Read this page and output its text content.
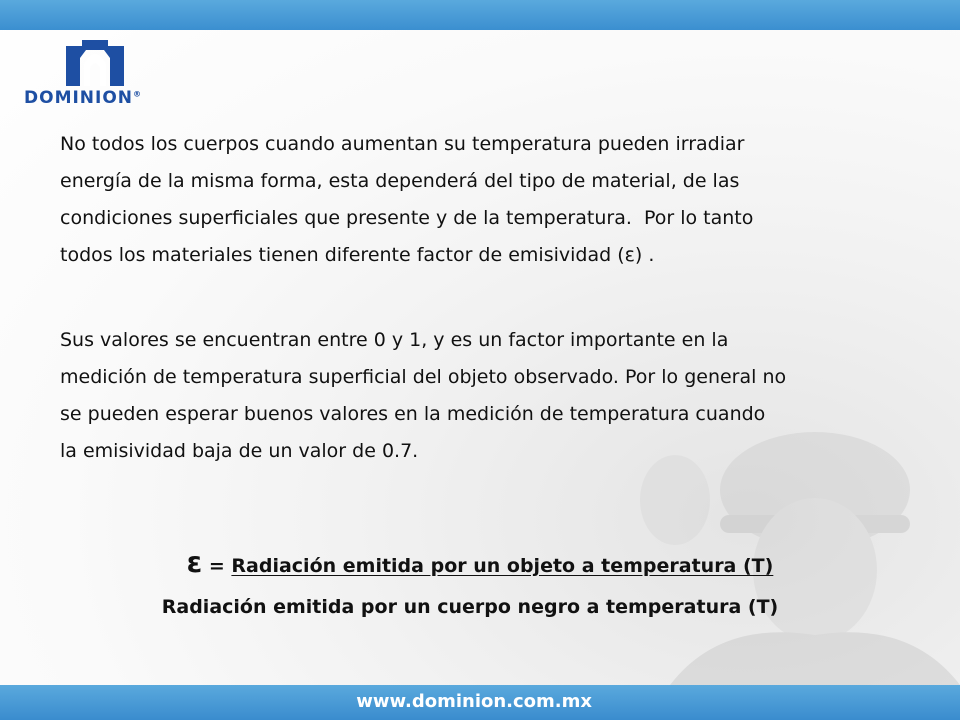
DOMINION®
No todos los cuerpos cuando aumentan su temperatura pueden irradiar
energía de la misma forma, esta dependerá del tipo de material, de las
condiciones superficiales que presente y de la temperatura.  Por lo tanto
todos los materiales tienen diferente factor de emisividad (ε) .
Sus valores se encuentran entre 0 y 1, y es un factor importante en la
medición de temperatura superficial del objeto observado. Por lo general no
se pueden esperar buenos valores en la medición de temperatura cuando
la emisividad baja de un valor de 0.7.
ε = Radiación emitida por un objeto a temperatura (T)
Radiación emitida por un cuerpo negro a temperatura (T)
www.dominion.com.mx
